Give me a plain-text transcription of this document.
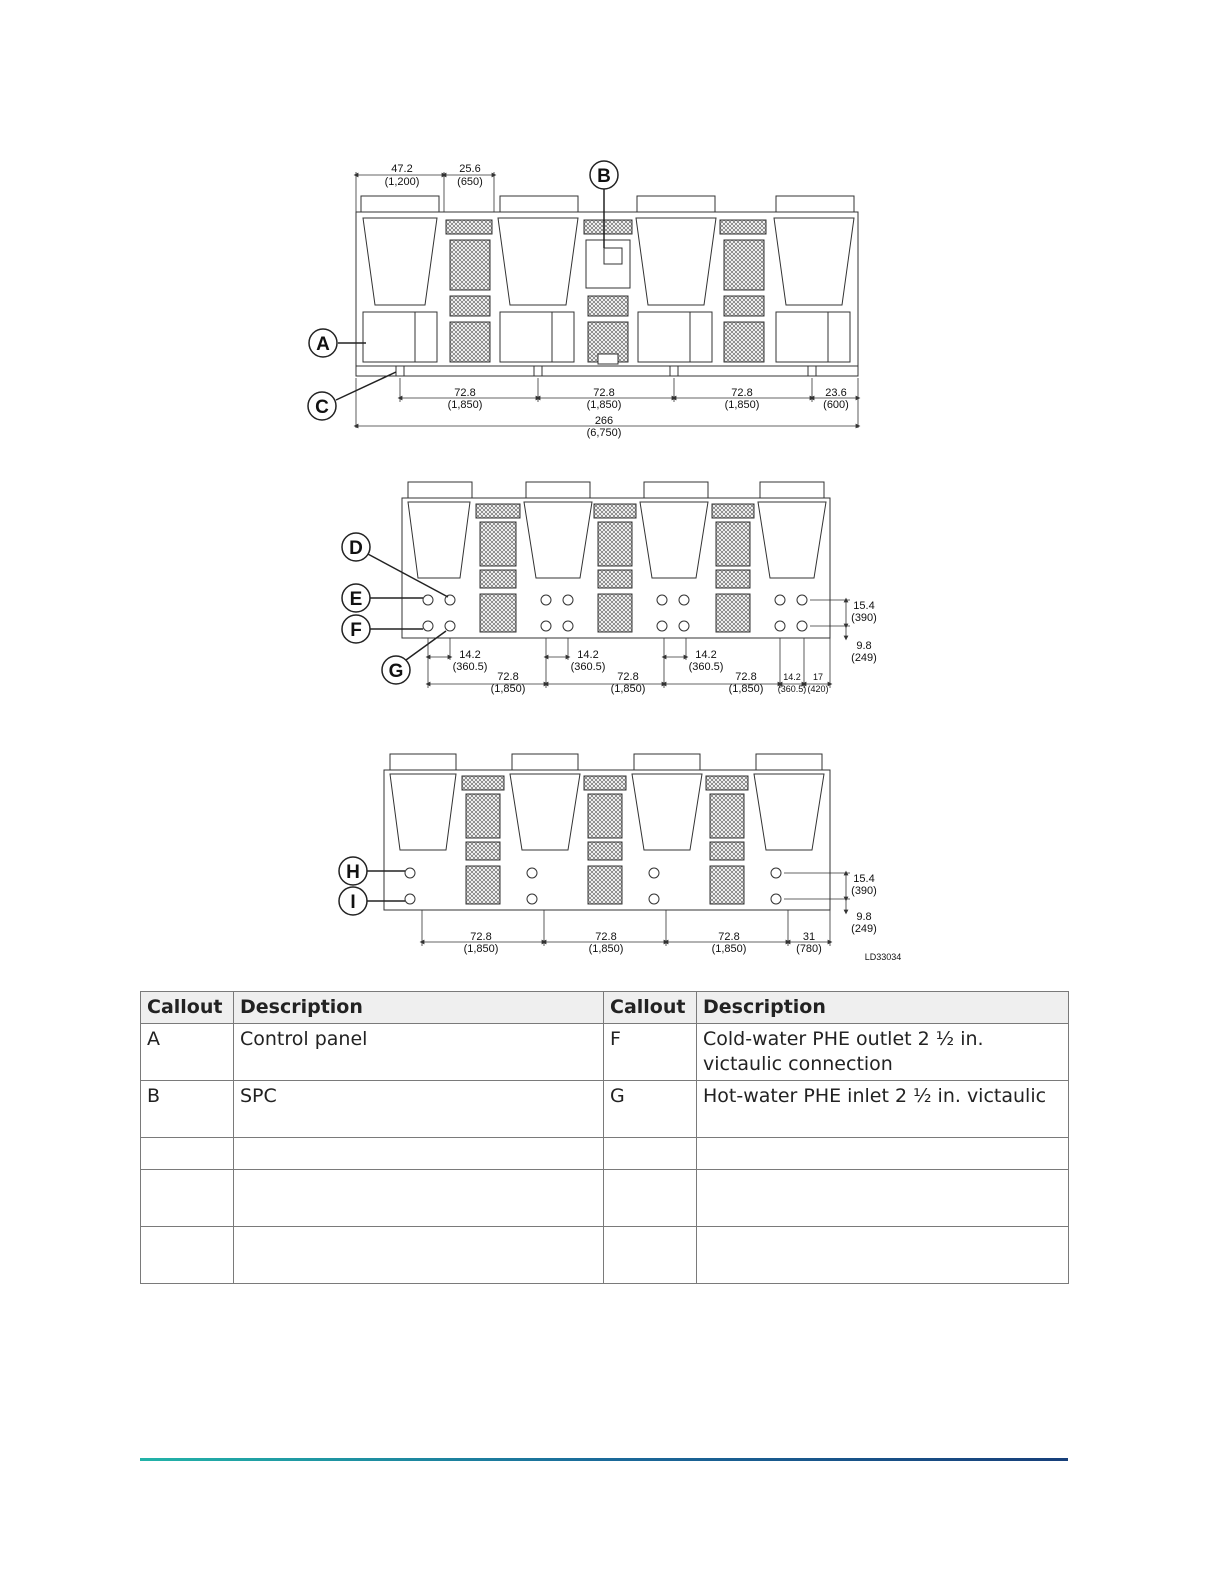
47.2
(1,200)
25.6
(650)
72.8
(1,850)
72.8
(1,850)
72.8
(1,850)
23.6
(600)
266
(6,750)
B
A
C
14.2
(360.5)
14.2
(360.5)
14.2
(360.5)
72.8
(1,850)
72.8
(1,850)
72.8
(1,850)
14.2
(360.5)
17
(420)
15.4
(390)
9.8
(249)
D
E
F
G
72.8
(1,850)
72.8
(1,850)
72.8
(1,850)
31
(780)
15.4
(390)
9.8
(249)
LD33034
H
I
Callout	Description	Callout	Description
A	Control panel	F	Cold-water PHE outlet 2 ½ in. victaulic connection
B	SPC	G	Hot-water PHE inlet 2 ½ in. victaulic
